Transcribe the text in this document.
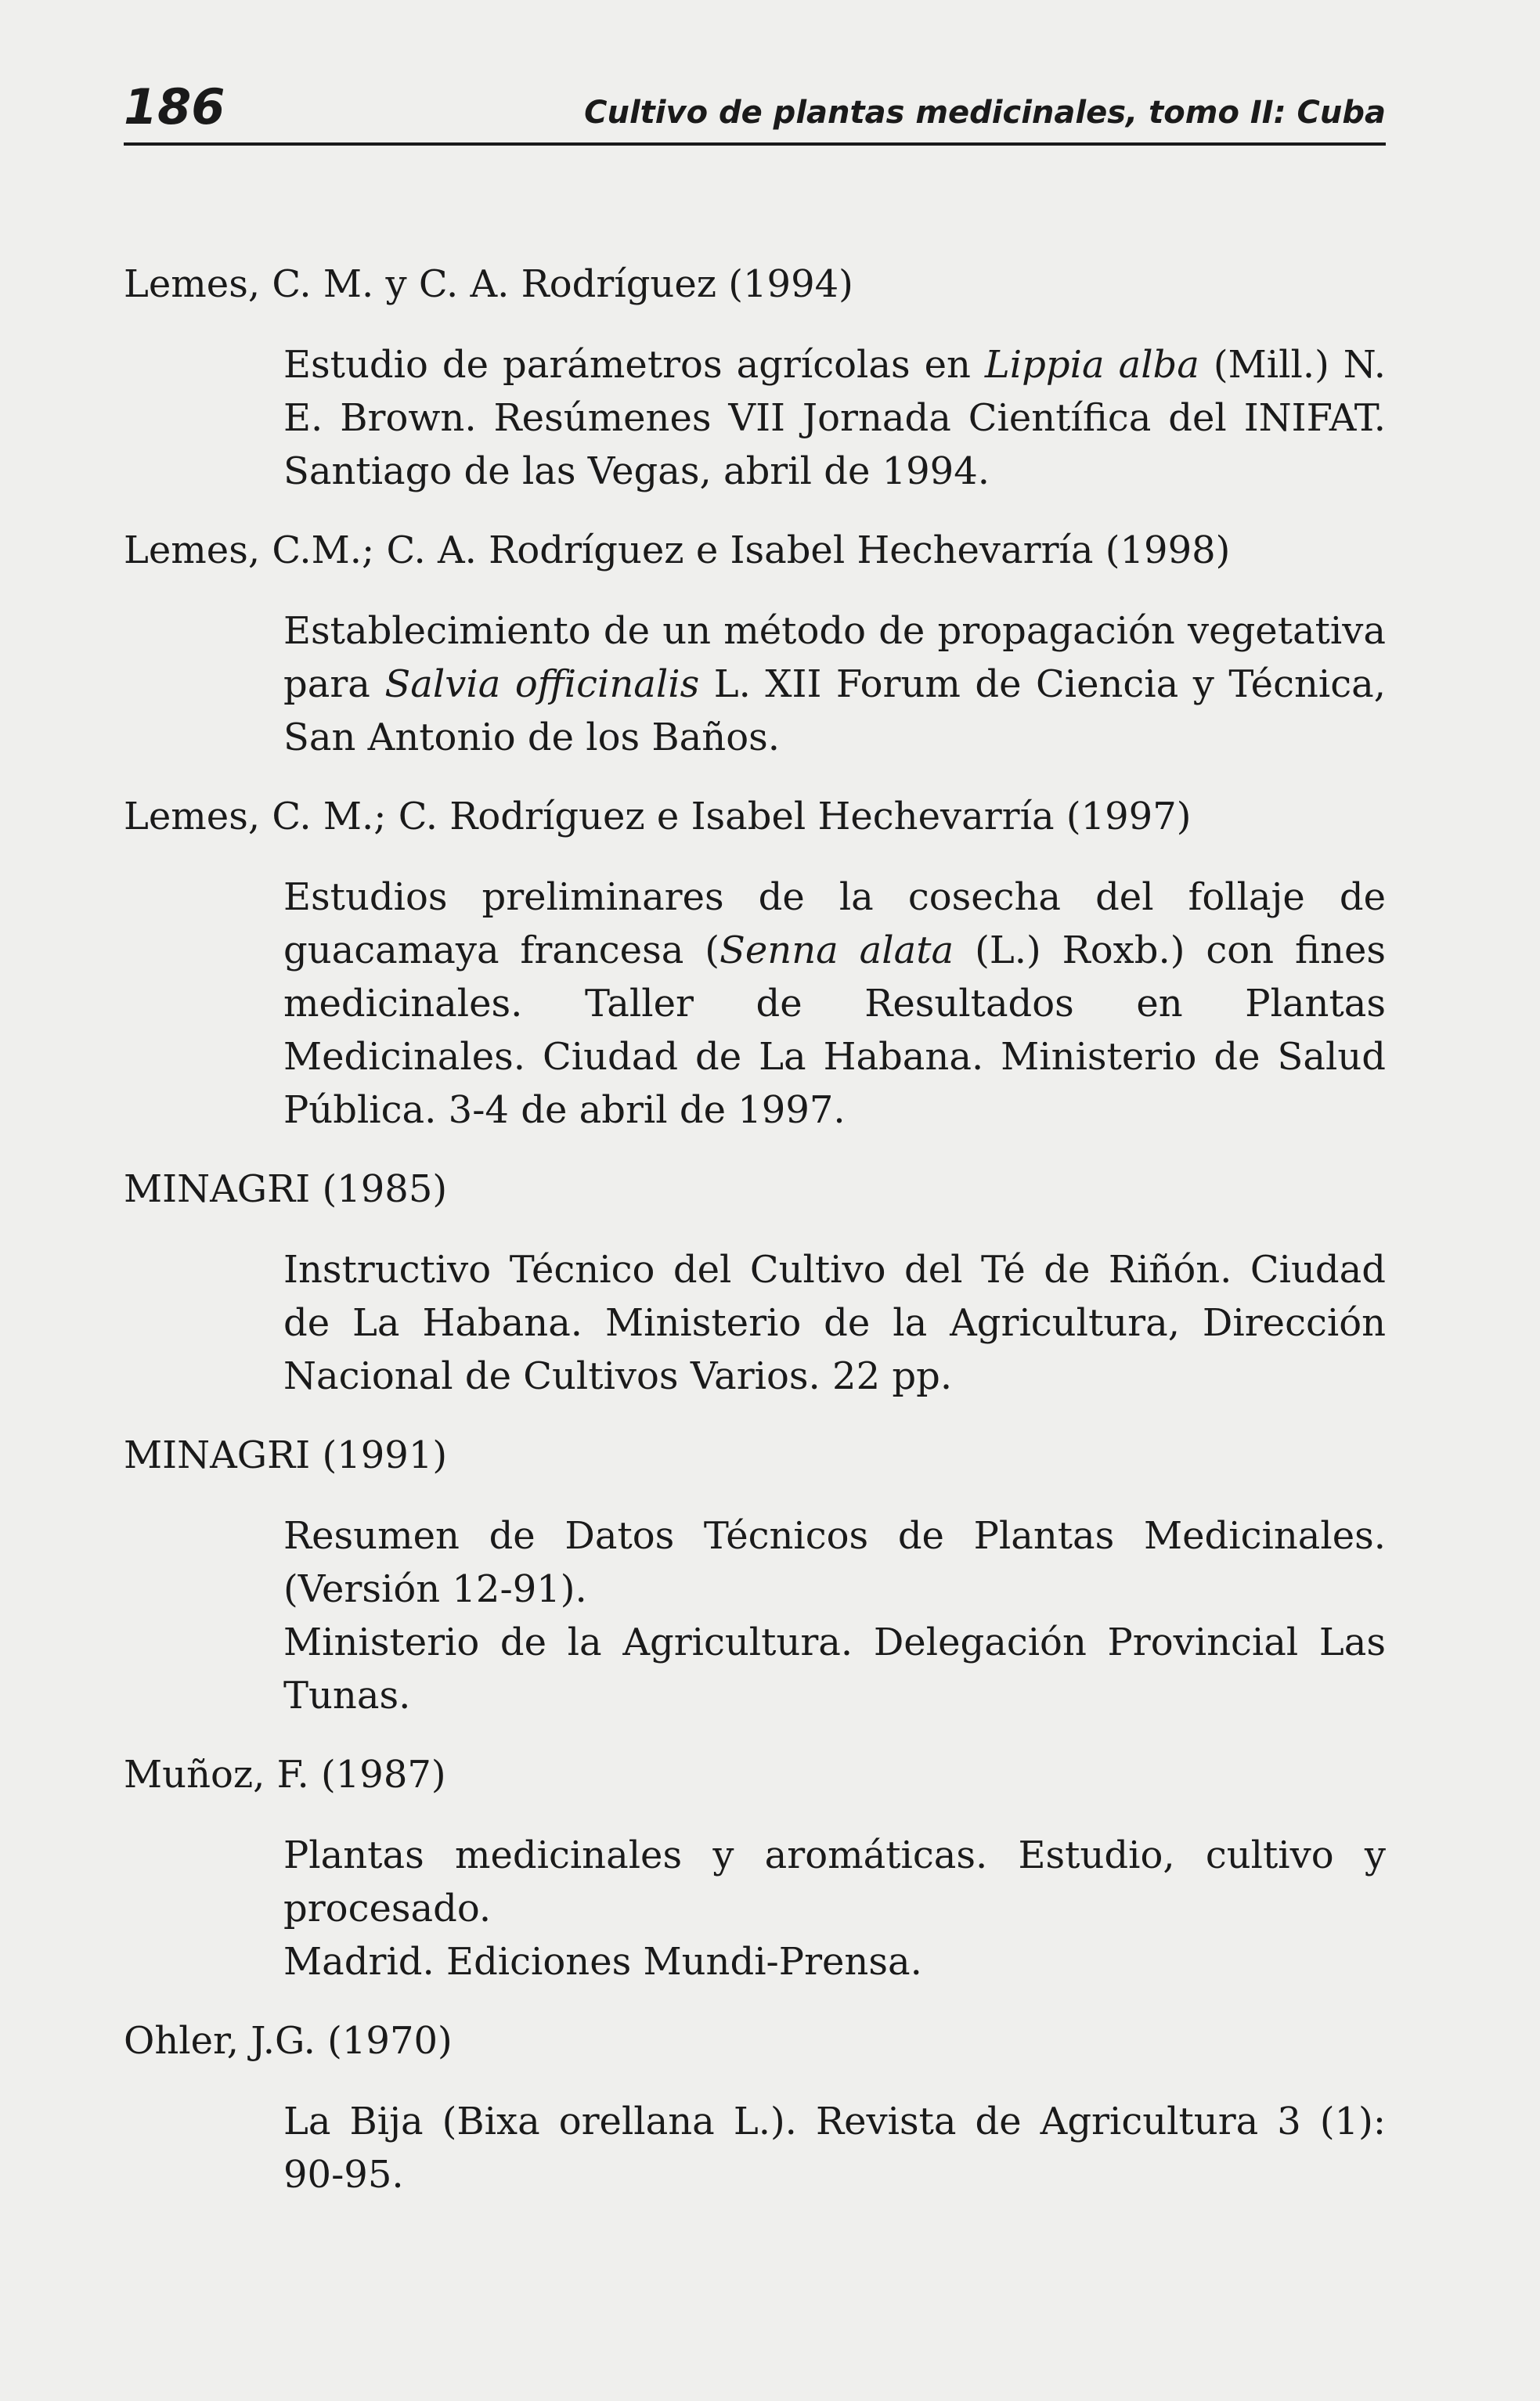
186	Cultivo de plantas medicinales, tomo II: Cuba

Lemes, C. M. y C. A. Rodríguez (1994)

Estudio de parámetros agrícolas en Lippia alba (Mill.) N. E. Brown. Resúmenes VII Jornada Científica del INIFAT. Santiago de las Vegas, abril de 1994.

Lemes, C.M.; C. A. Rodríguez e Isabel Hechevarría (1998)

Establecimiento de un método de propagación vegetativa para Salvia officinalis L. XII Forum de Ciencia y Técnica, San Antonio de los Baños.

Lemes, C. M.; C. Rodríguez e Isabel Hechevarría (1997)

Estudios preliminares de la cosecha del follaje de guacamaya francesa (Senna alata (L.) Roxb.) con fines medicinales. Taller de Resultados en Plantas Medicinales. Ciudad de La Habana. Ministerio de Salud Pública. 3-4 de abril de 1997.

MINAGRI (1985)

Instructivo Técnico del Cultivo del Té de Riñón. Ciudad de La Habana. Ministerio de la Agricultura, Dirección Nacional de Cultivos Varios. 22 pp.

MINAGRI (1991)

Resumen de Datos Técnicos de Plantas Medicinales. (Versión 12-91).

Ministerio de la Agricultura. Delegación Provincial Las Tunas.

Muñoz, F. (1987)

Plantas medicinales y aromáticas. Estudio, cultivo y procesado.

Madrid. Ediciones Mundi-Prensa.

Ohler, J.G. (1970)

La Bija (Bixa orellana L.). Revista de Agricultura 3 (1): 90-95.
